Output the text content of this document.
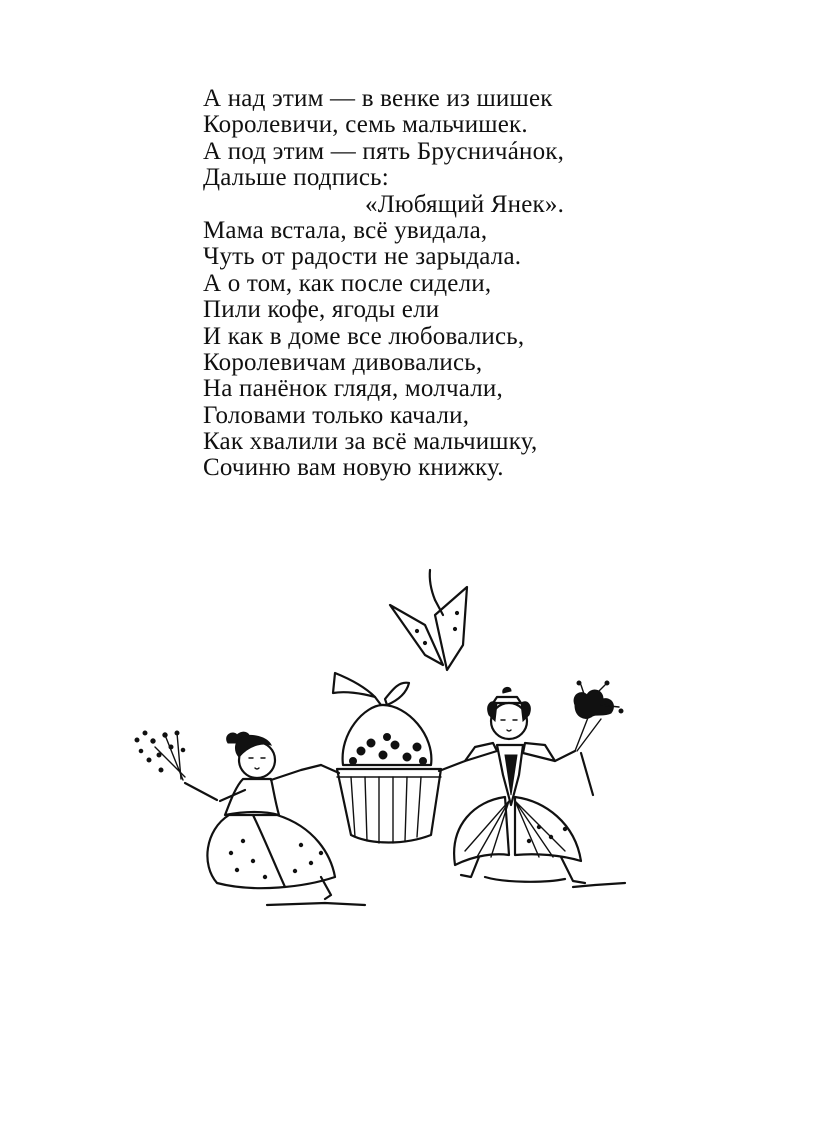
А над этим — в венке из шишек
Королевичи, семь мальчишек.
А под этим — пять Брусничáнок,
Дальше подпись:
«Любящий Янек».
Мама встала, всё увидала,
Чуть от радости не зарыдала.
А о том, как после сидели,
Пили кофе, ягоды ели
И как в доме все любовались,
Королевичам дивовались,
На панёнок глядя, молчали,
Головами только качали,
Как хвалили за всё мальчишку,
Сочиню вам новую книжку.
